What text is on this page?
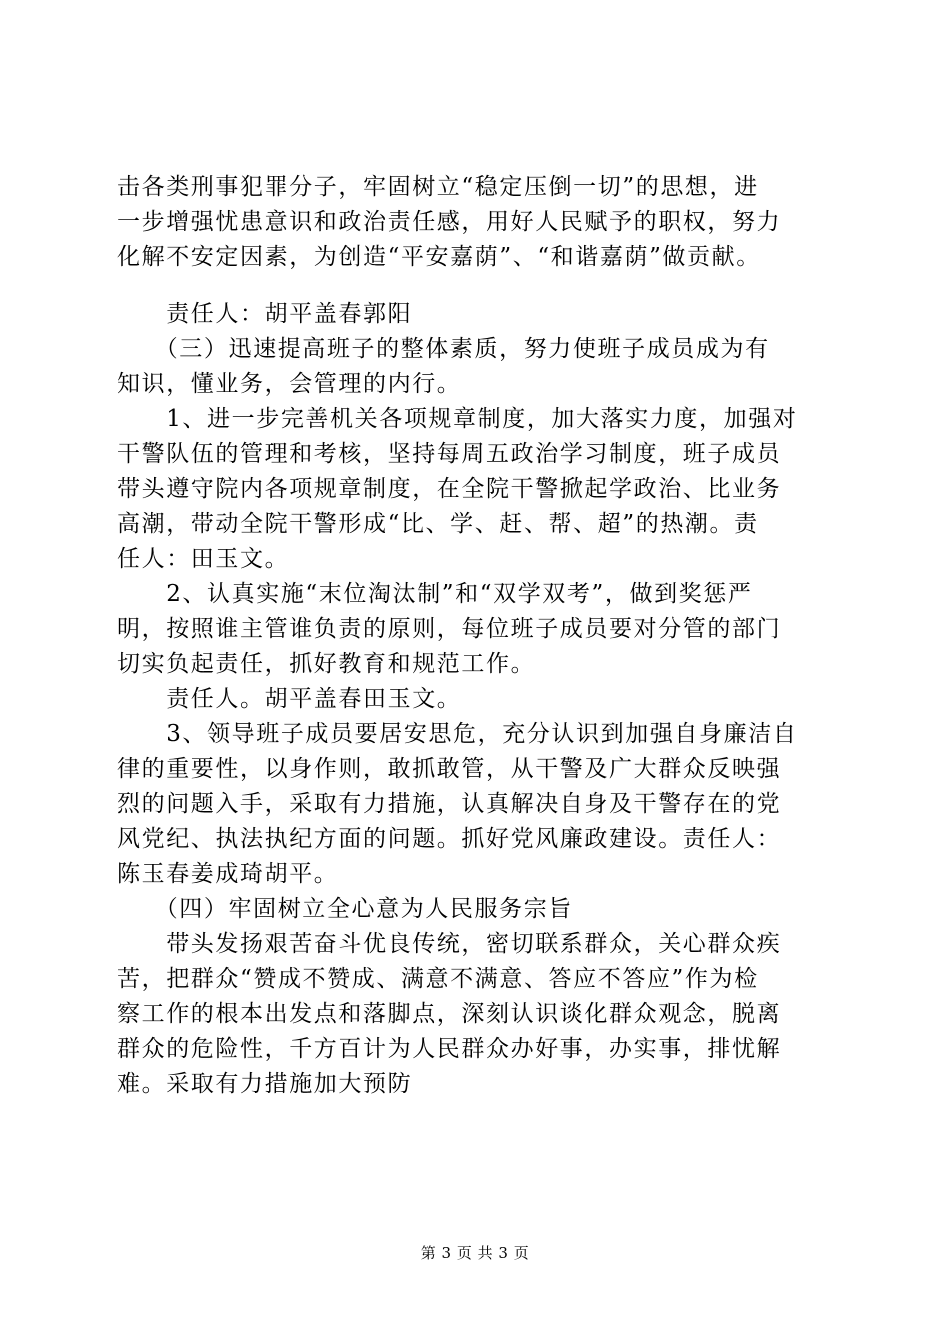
击各类刑事犯罪分子，牢固树立“稳定压倒一切”的思想，进
一步增强忧患意识和政治责任感，用好人民赋予的职权，努力
化解不安定因素，为创造“平安嘉荫”、“和谐嘉荫”做贡献。
　　责任人：胡平盖春郭阳
　　（三）迅速提高班子的整体素质，努力使班子成员成为有
知识，懂业务，会管理的内行。
　　1、进一步完善机关各项规章制度，加大落实力度，加强对
干警队伍的管理和考核，坚持每周五政治学习制度，班子成员
带头遵守院内各项规章制度，在全院干警掀起学政治、比业务
高潮，带动全院干警形成“比、学、赶、帮、超”的热潮。责
任人：田玉文。
　　2、认真实施“末位淘汰制”和“双学双考”，做到奖惩严
明，按照谁主管谁负责的原则，每位班子成员要对分管的部门
切实负起责任，抓好教育和规范工作。
　　责任人。胡平盖春田玉文。
　　3、领导班子成员要居安思危，充分认识到加强自身廉洁自
律的重要性，以身作则，敢抓敢管，从干警及广大群众反映强
烈的问题入手，采取有力措施，认真解决自身及干警存在的党
风党纪、执法执纪方面的问题。抓好党风廉政建设。责任人：
陈玉春姜成琦胡平。
　　（四）牢固树立全心意为人民服务宗旨
　　带头发扬艰苦奋斗优良传统，密切联系群众，关心群众疾
苦，把群众“赞成不赞成、满意不满意、答应不答应”作为检
察工作的根本出发点和落脚点，深刻认识谈化群众观念，脱离
群众的危险性，千方百计为人民群众办好事，办实事，排忧解
难。采取有力措施加大预防
第 3 页 共 3 页
